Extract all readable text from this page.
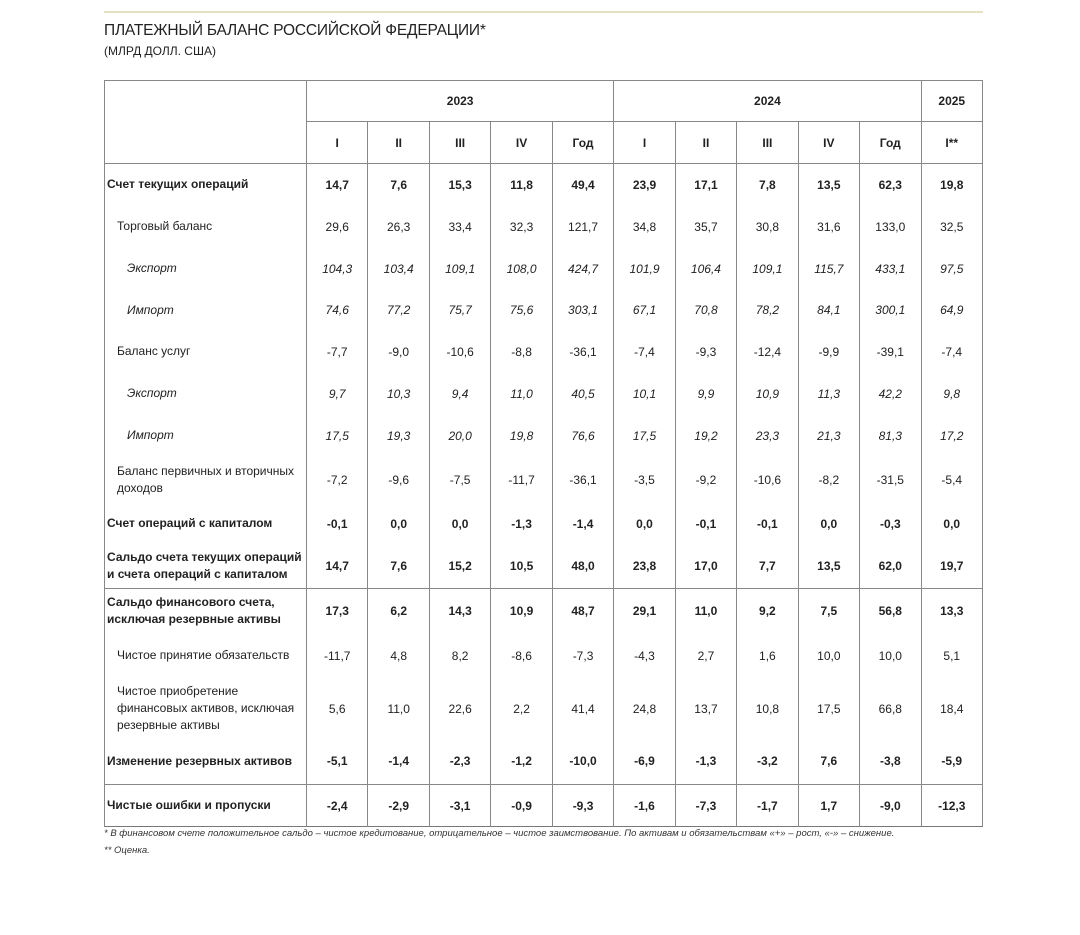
ПЛАТЕЖНЫЙ БАЛАНС РОССИЙСКОЙ ФЕДЕРАЦИИ*
(МЛРД ДОЛЛ. США)
	2023					2024					2025
	I	II	III	IV	Год	I	II	III	IV	Год	I**
Счет текущих операций	14,7	7,6	15,3	11,8	49,4	23,9	17,1	7,8	13,5	62,3	19,8
Торговый баланс	29,6	26,3	33,4	32,3	121,7	34,8	35,7	30,8	31,6	133,0	32,5
Экспорт	104,3	103,4	109,1	108,0	424,7	101,9	106,4	109,1	115,7	433,1	97,5
Импорт	74,6	77,2	75,7	75,6	303,1	67,1	70,8	78,2	84,1	300,1	64,9
Баланс услуг	-7,7	-9,0	-10,6	-8,8	-36,1	-7,4	-9,3	-12,4	-9,9	-39,1	-7,4
Экспорт	9,7	10,3	9,4	11,0	40,5	10,1	9,9	10,9	11,3	42,2	9,8
Импорт	17,5	19,3	20,0	19,8	76,6	17,5	19,2	23,3	21,3	81,3	17,2
Баланс первичных и вторичных доходов	-7,2	-9,6	-7,5	-11,7	-36,1	-3,5	-9,2	-10,6	-8,2	-31,5	-5,4
Счет операций с капиталом	-0,1	0,0	0,0	-1,3	-1,4	0,0	-0,1	-0,1	0,0	-0,3	0,0
Сальдо счета текущих операций и счета операций с капиталом	14,7	7,6	15,2	10,5	48,0	23,8	17,0	7,7	13,5	62,0	19,7
Сальдо финансового счета, исключая резервные активы	17,3	6,2	14,3	10,9	48,7	29,1	11,0	9,2	7,5	56,8	13,3
Чистое принятие обязательств	-11,7	4,8	8,2	-8,6	-7,3	-4,3	2,7	1,6	10,0	10,0	5,1
Чистое приобретение финансовых активов, исключая резервные активы	5,6	11,0	22,6	2,2	41,4	24,8	13,7	10,8	17,5	66,8	18,4
Изменение резервных активов	-5,1	-1,4	-2,3	-1,2	-10,0	-6,9	-1,3	-3,2	7,6	-3,8	-5,9
Чистые ошибки и пропуски	-2,4	-2,9	-3,1	-0,9	-9,3	-1,6	-7,3	-1,7	1,7	-9,0	-12,3
* В финансовом счете положительное сальдо – чистое кредитование, отрицательное – чистое заимствование. По активам и обязательствам «+» – рост, «-» – снижение.
** Оценка.
